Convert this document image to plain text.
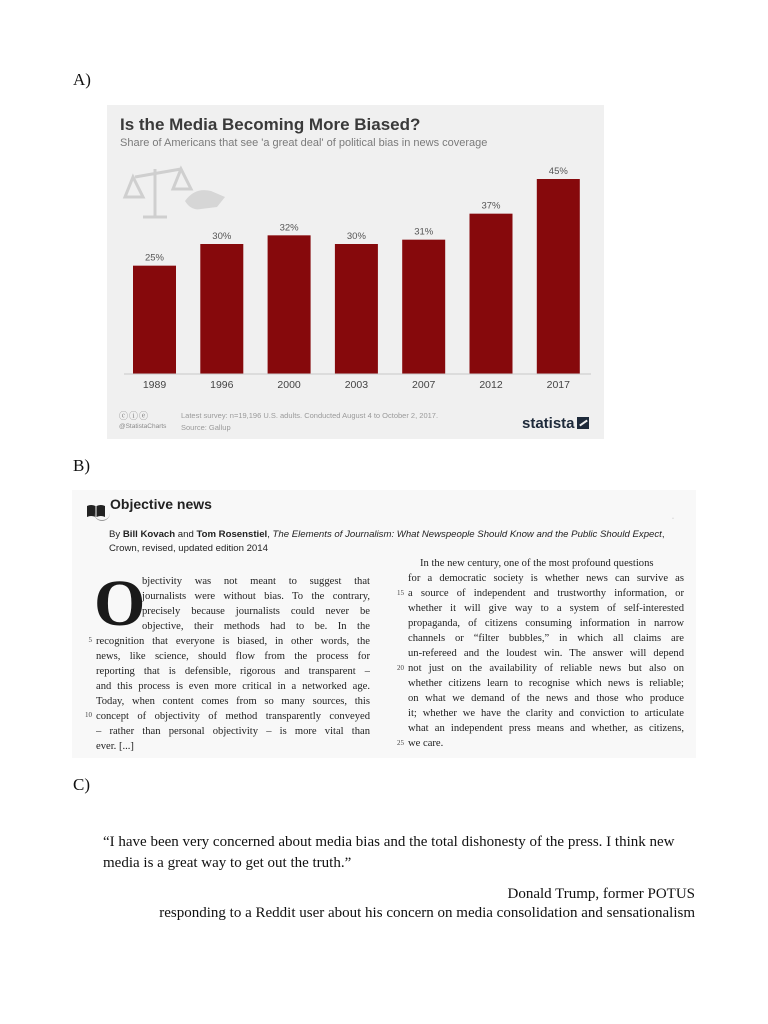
A)
Is the Media Becoming More Biased?
Share of Americans that see 'a great deal' of political bias in news coverage
25%
1989
30%
1996
32%
2000
30%
2003
31%
2007
37%
2012
45%
2017
ⓒⓘⓔ
@StatistaCharts
Latest survey: n=19,196 U.S. adults. Conducted August 4 to October 2, 2017.
Source: Gallup	statista
B)
Objective news
·
By Bill Kovach and Tom Rosenstiel, The Elements of Journalism: What Newspeople Should Know and the Public Should Expect, Crown, revised, updated edition 2014
O
bjectivity was not meant to suggest that
journalists were without bias. To the contrary,
precisely because journalists could never be
objective, their methods had to be. In the
recognition that everyone is biased, in other words, the
news, like science, should flow from the process for
reporting that is defensible, rigorous and transparent –
and this process is even more critical in a networked age.
Today, when content comes from so many sources, this
concept of objectivity of method transparently conveyed
– rather than personal objectivity – is more vital than
ever. [...]
5
10
In the new century, one of the most profound questions
for a democratic society is whether news can survive as
a source of independent and trustworthy information, or
whether it will give way to a system of self-interested
propaganda, of citizens consuming information in narrow
channels or “filter bubbles,” in which all claims are
un-refereed and the loudest win. The answer will depend
not just on the availability of reliable news but also on
whether citizens learn to recognise which news is reliable;
on what we demand of the news and those who produce
it; whether we have the clarity and conviction to articulate
what an independent press means and whether, as citizens,
we care.
15
20
25
C)
“I have been very concerned about media bias and the total dishonesty of the press. I think new media is a great way to get out the truth.”
Donald Trump, former POTUS
responding to a Reddit user about his concern on media consolidation and sensationalism
